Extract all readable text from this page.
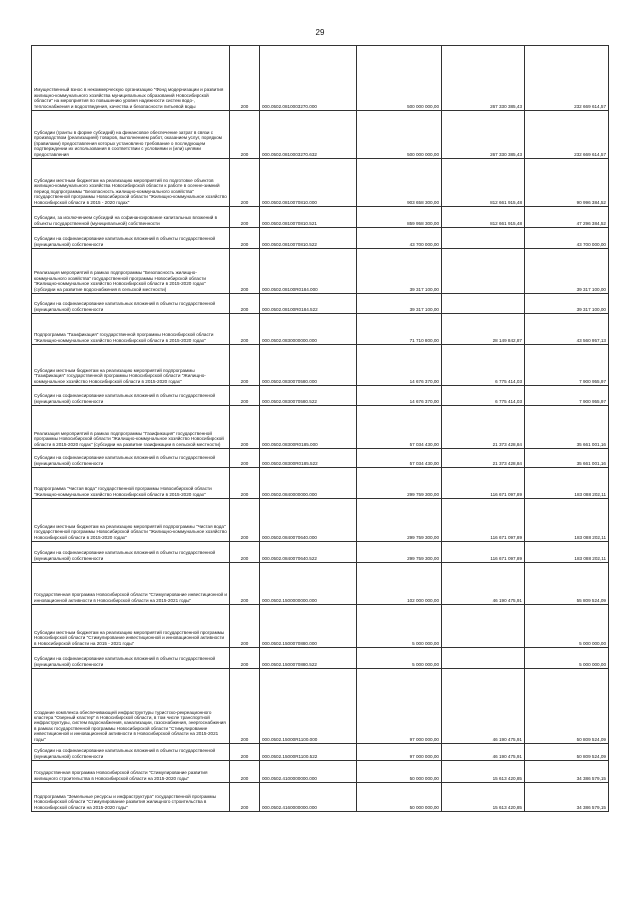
29
Имущественный взнос в некоммерческую организацию "Фонд модернизации и развития жилищно-коммунального хозяйства муниципальных образований Новосибирской области" на мероприятия по повышению уровня надежности систем водо-, теплоснабжения и водоотведения, качества и безопасности питьевой воды	200	000.0502.0810003270.000	500 000 000,00	267 330 385,43	232 669 614,57
Субсидии (гранты в форме субсидий) на финансовое обеспечение затрат в связи с производством (реализацией) товаров, выполнением работ, оказанием услуг, порядком (правилами) предоставления которых установлено требование о последующем подтверждении их использования в соответствии с условиями и (или) целями предоставления	200	000.0502.0810003270.632	500 000 000,00	267 330 385,43	232 669 614,57
Субсидии местным бюджетам на реализацию мероприятий по подготовке объектов жилищно-коммунального хозяйства Новосибирской области к работе в осенне-зимний период подпрограммы "Безопасность жилищно-коммунального хозяйства" государственной программы Новосибирской области "Жилищно-коммунальное хозяйство Новосибирской области в 2015 - 2020 годах"	200	000.0502.0810070810.000	903 658 300,00	812 661 915,48	90 996 384,52
Субсидии, за исключением субсидий на софинансирование капитальных вложений в объекты государственной (муниципальной) собственности	200	000.0502.0810070810.521	859 958 300,00	812 661 915,48	47 296 384,52
Субсидии на софинансирование капитальных вложений в объекты государственной (муниципальной) собственности	200	000.0502.0810070810.522	43 700 000,00		43 700 000,00
Реализация мероприятий в рамках подпрограммы "Безопасность жилищно-коммунального хозяйства" государственной программы Новосибирской области "Жилищно-коммунальное хозяйство Новосибирской области в 2015-2020 годах" (субсидии на развитие водоснабжения в сельской местности)	200	000.0502.08100R0184.000	39 317 100,00		39 317 100,00
Субсидии на софинансирование капитальных вложений в объекты государственной (муниципальной) собственности	200	000.0502.08100R0184.522	39 317 100,00		39 317 100,00
Подпрограмма "Газификация" государственной программы Новосибирской области "Жилищно-коммунальное хозяйство Новосибирской области в 2015-2020 годах"	200	000.0502.0830000000.000	71 710 800,00	28 149 842,87	43 560 957,13
Субсидии местным бюджетам на реализацию мероприятий подпрограммы "Газификация" государственной программы Новосибирской области "Жилищно-коммунальное хозяйство Новосибирской области в 2015-2020 годах"	200	000.0502.0830070580.000	14 676 370,00	6 775 414,03	7 900 955,97
Субсидии на софинансирование капитальных вложений в объекты государственной (муниципальной) собственности	200	000.0502.0830070580.522	14 676 370,00	6 775 414,03	7 900 955,97
Реализация мероприятий в рамках подпрограммы "Газификация" государственной программы Новосибирской области "Жилищно-коммунальное хозяйство Новосибирской области в 2015-2020 годах" (субсидии на развитие газификации в сельской местности)	200	000.0502.08300R0185.000	57 034 430,00	21 373 428,84	35 661 001,16
Субсидии на софинансирование капитальных вложений в объекты государственной (муниципальной) собственности	200	000.0502.08300R0185.522	57 034 430,00	21 373 428,84	35 661 001,16
Подпрограмма "Чистая вода" государственной программы Новосибирской области "Жилищно-коммунальное хозяйство Новосибирской области в 2015-2020 годах"	200	000.0502.0840000000.000	299 759 300,00	116 671 097,89	183 088 202,11
Субсидии местным бюджетам на реализацию мероприятий подпрограммы "Чистая вода" государственной программы Новосибирской области "Жилищно-коммунальное хозяйство Новосибирской области в 2015-2020 годах"	200	000.0502.0840070640.000	299 759 300,00	116 671 097,89	183 088 202,11
Субсидии на софинансирование капитальных вложений в объекты государственной (муниципальной) собственности	200	000.0502.0840070640.522	299 759 300,00	116 671 097,89	183 088 202,11
Государственная программа Новосибирской области "Стимулирование инвестиционной и инновационной активности в Новосибирской области на 2015-2021 годы"	200	000.0502.1500000000.000	102 000 000,00	46 190 475,91	55 809 524,09
Субсидии местным бюджетам на реализацию мероприятий государственной программы Новосибирской области "Стимулирование инвестиционной и инновационной активности в Новосибирской области на 2015 - 2021 годы"	200	000.0502.1500070880.000	5 000 000,00		5 000 000,00
Субсидии на софинансирование капитальных вложений в объекты государственной (муниципальной) собственности	200	000.0502.1500070880.522	5 000 000,00		5 000 000,00
Создание комплекса обеспечивающей инфраструктуры туристско-рекреационного кластера "Озерный кластер" в Новосибирской области, в том числе транспортной инфраструктуры, систем водоснабжения, канализации, газоснабжения, энергоснабжения в рамках государственной программы Новосибирской области "Стимулирование инвестиционной и инновационной активности в Новосибирской области на 2015-2021 годы"	200	000.0502.15000R1100.000	97 000 000,00	46 190 475,91	50 809 524,09
Субсидии на софинансирование капитальных вложений в объекты государственной (муниципальной) собственности	200	000.0502.15000R1100.522	97 000 000,00	46 190 475,91	50 809 524,09
Государственная программа Новосибирской области "Стимулирование развития жилищного строительства в Новосибирской области на 2015-2020 годы"	200	000.0502.4100000000.000	50 000 000,00	15 613 420,85	34 386 579,15
Подпрограмма "Земельные ресурсы и инфраструктура" государственной программы Новосибирской области "Стимулирование развития жилищного строительства в Новосибирской области на 2015-2020 годы"	200	000.0502.4160000000.000	50 000 000,00	15 613 420,85	34 386 579,15
